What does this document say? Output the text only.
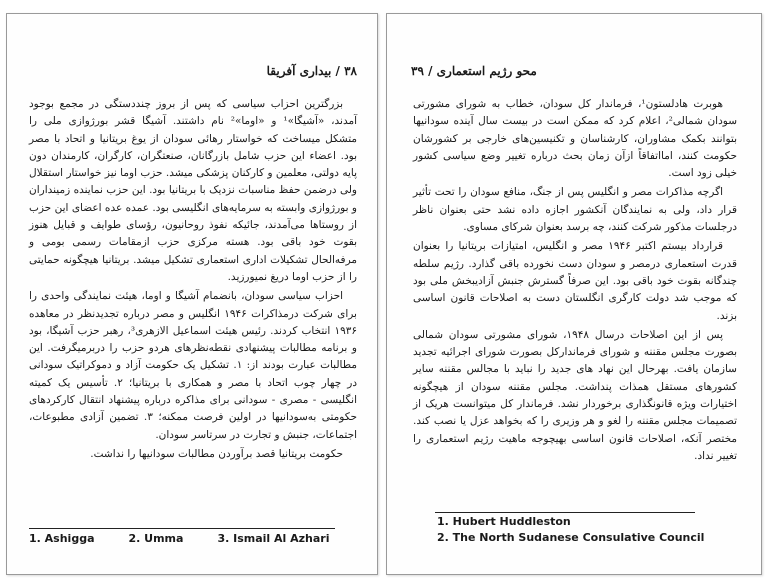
۳۸ / بیداری آفریقا

بزرگترین احزاب سیاسی که پس از بروز چنددستگی در مجمع بوجود آمدند، «آشیگا»¹ و «اوما»² نام داشتند. آشیگا قشر بورژوازی ملی را متشکل میساخت که خواستار رهائی سودان از یوغ بریتانیا و اتحاد با مصر بود. اعضاء این حزب شامل بازرگانان، صنعتگران، کارگران، کارمندان دون پایه دولتی، معلمین و کارکنان پزشکی میشد. حزب اوما نیز خواستار استقلال ولی درضمن حفظ مناسبات نزدیک با بریتانیا بود. این حزب نماینده زمینداران و بورژوازی وابسته به سرمایه‌های انگلیسی بود. عمده عده اعضای این حزب از روستاها می‌آمدند، جائیکه نفوذ روحانیون، رؤسای طوایف و قبایل هنوز بقوت خود باقی بود. هسته مرکزی حزب ازمقامات رسمی بومی و مرفه‌الحال تشکیلات اداری استعماری تشکیل میشد. بریتانیا هیچگونه حمایتی را از حزب اوما دریغ نمیورزید.

احزاب سیاسی سودان، بانضمام آشیگا و اوما، هیئت نمایندگی واحدی را برای شرکت درمذاکرات ۱۹۴۶ انگلیس و مصر درباره تجدیدنظر در معاهده ۱۹۳۶ انتخاب کردند. رئیس هیئت اسماعیل الازهری³، رهبر حزب آشیگا، بود و برنامه مطالبات پیشنهادی نقطه‌نظرهای هردو حزب را دربرمیگرفت. این مطالبات عبارت بودند از: ۱. تشکیل یک حکومت آزاد و دموکراتیک سودانی در چهار چوب اتحاد با مصر و همکاری با بریتانیا؛ ۲. تأسیس یک کمیته انگلیسی - مصری - سودانی برای مذاکره درباره پیشنهاد انتقال کارکردهای حکومتی به‌سودانیها در اولین فرصت ممکنه؛ ۳. تضمین آزادی مطبوعات، اجتماعات، جنبش و تجارت در سرتاسر سودان.

حکومت بریتانیا قصد برآوردن مطالبات سودانیها را نداشت.

1. Ashigga	2. Umma	3. Ismail Al Azhari
محو رژیم استعماری / ۳۹

هوبرت هادلستون¹، فرماندار کل سودان، خطاب به شورای مشورتی سودان شمالی²، اعلام کرد که ممکن است در بیست سال آینده سودانیها بتوانند بکمک مشاوران، کارشناسان و تکنیسین‌های خارجی بر کشورشان حکومت کنند، امااتفاقاً ازآن زمان بحث درباره تغییر وضع سیاسی کشور خیلی زود است.

اگرچه مذاکرات مصر و انگلیس پس از جنگ، منافع سودان را تحت تأثیر قرار داد، ولی به نمایندگان آنکشور اجازه داده نشد حتی بعنوان ناظر درجلسات مذکور شرکت کنند، چه برسد بعنوان شرکای مساوی.

قرارداد بیستم اکتبر ۱۹۴۶ مصر و انگلیس، امتیازات بریتانیا را بعنوان قدرت استعماری درمصر و سودان دست نخورده باقی گذارد. رژیم سلطه چندگانه بقوت خود باقی بود. این صرفاً گسترش جنبش آزادیبخش ملی بود که موجب شد دولت کارگری انگلستان دست به اصلاحات قانون اساسی بزند.

پس از این اصلاحات درسال ۱۹۴۸، شورای مشورتی سودان شمالی بصورت مجلس مقننه و شورای فرماندارکل بصورت شورای اجرائیه تجدید سازمان یافت. بهرحال این نهاد های جدید را نباید با مجالس مقننه سایر کشورهای مستقل همذات پنداشت. مجلس مقننه سودان از هیچگونه اختیارات ویژه قانونگذاری برخوردار نشد. فرماندار کل میتوانست هریک از تصمیمات مجلس مقننه را لغو و هر وزیری را که بخواهد عزل یا نصب کند. مختصر آنکه، اصلاحات قانون اساسی بهیچوجه ماهیت رژیم استعماری را تغییر نداد.

1. Hubert Huddleston
2. The North Sudanese Consulative Council
